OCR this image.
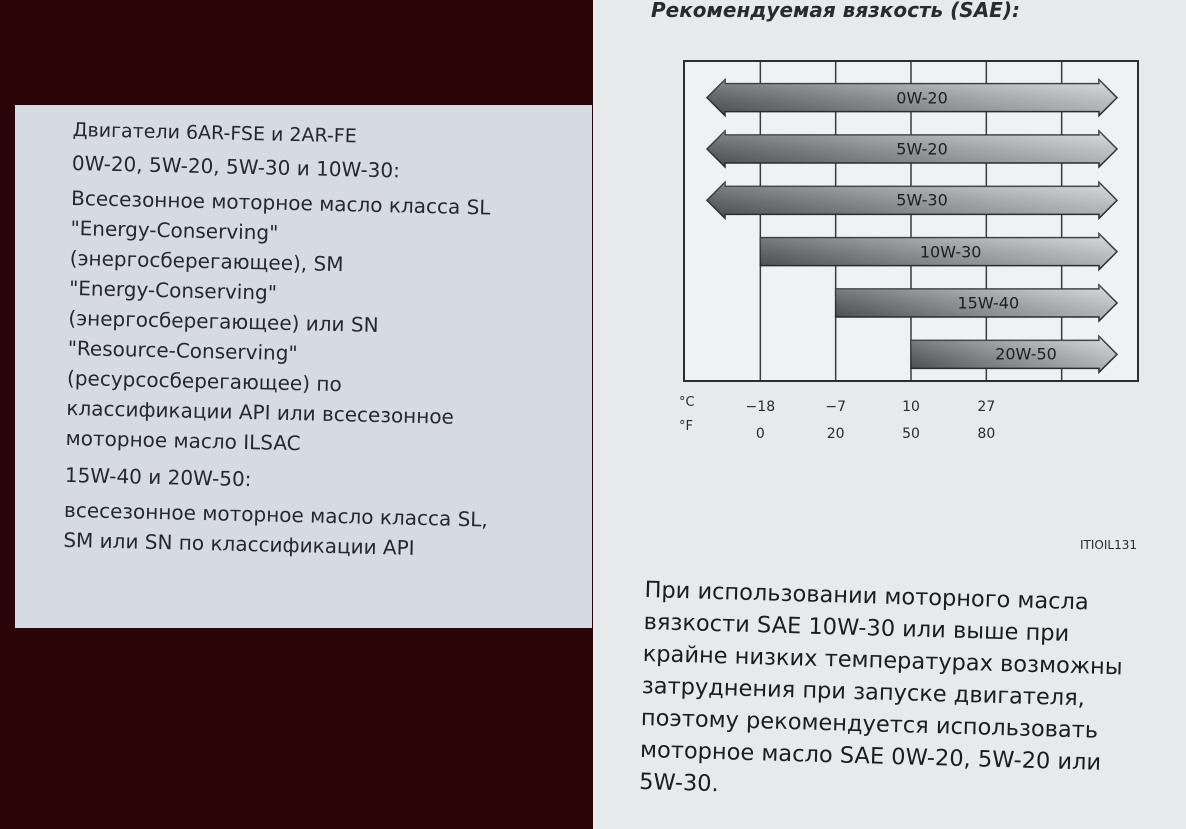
Двигатели 6AR-FSE и 2AR-FE

0W-20, 5W-20, 5W-30 и 10W-30:

Всесезонное моторное масло класса SL
"Energy-Conserving"
(энергосберегающее), SM
"Energy-Conserving"
(энергосберегающее) или SN
"Resource-Conserving"
(ресурсосберегающее) по
классификации API или всесезонное
моторное масло ILSAC

15W-40 и 20W-50:

всесезонное моторное масло класса SL,
SM или SN по классификации API

Рекомендуемая вязкость (SAE):

0W-20
5W-20
5W-30
10W-30
15W-40
20W-50
°C
°F
−18	−7	10	27
0	20	50	80

ITIOIL131

При использовании моторного масла
вязкости SAE 10W-30 или выше при
крайне низких температурах возможны
затруднения при запуске двигателя,
поэтому рекомендуется использовать
моторное масло SAE 0W-20, 5W-20 или
5W-30.
